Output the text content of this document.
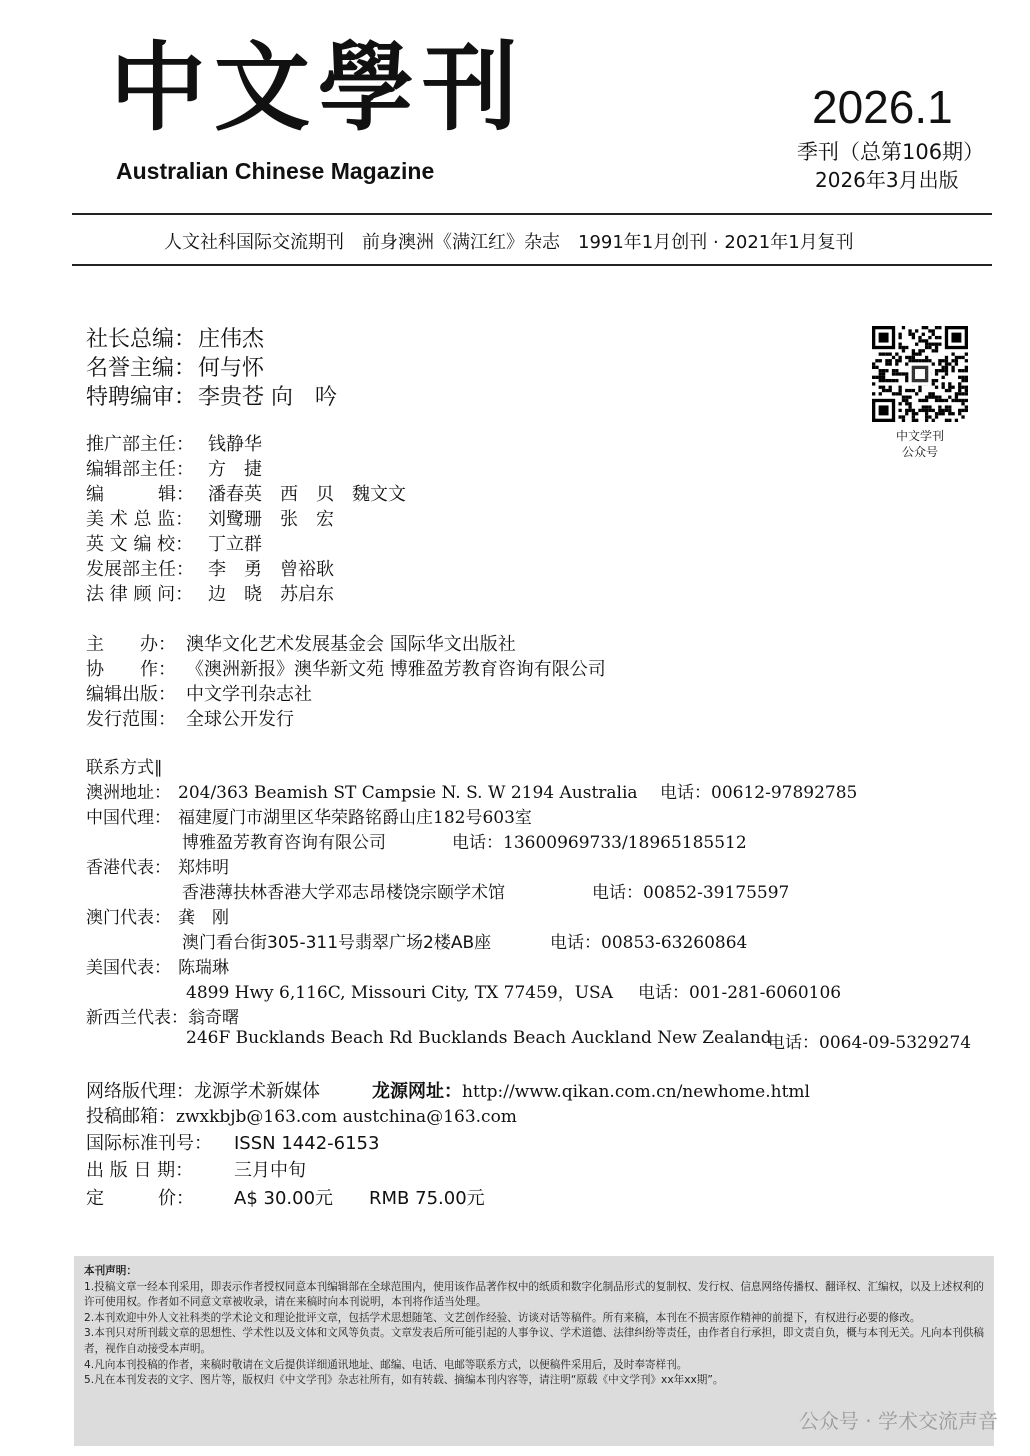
中文學刊
Australian Chinese Magazine
2026.1
季刊（总第106期）
2026年3月出版
人文社科国际交流期刊　前身澳洲《满江红》杂志　1991年1月创刊 · 2021年1月复刊
社长总编：庄伟杰
名誉主编：何与怀
特聘编审：李贵苍 向　吟
中文学刊
公众号
推广部主任： 钱静华
编辑部主任： 方　捷
编　　　辑： 潘春英　西　贝　魏文文
美 术 总 监： 刘鹭珊　张　宏
英 文 编 校： 丁立群
发展部主任： 李　勇　曾裕耿
法 律 顾 问： 边　晓　苏启东
主　　办： 澳华文化艺术发展基金会 国际华文出版社
协　　作： 《澳洲新报》澳华新文苑 博雅盈芳教育咨询有限公司
编辑出版： 中文学刊杂志社
发行范围： 全球公开发行
联系方式∥
澳洲地址： 204/363 Beamish ST Campsie N. S. W 2194 Australia 电话：00612-97892785
中国代理： 福建厦门市湖里区华荣路铭爵山庄182号603室
博雅盈芳教育咨询有限公司	电话：13600969733/18965185512
香港代表： 郑炜明
香港薄扶林香港大学邓志昂楼饶宗颐学术馆	电话：00852-39175597
澳门代表： 龚　刚
澳门看台街305-311号翡翠广场2楼AB座	电话：00853-63260864
美国代表： 陈瑞琳
4899 Hwy 6,116C, Missouri City, TX 77459，USA 电话：001-281-6060106
新西兰代表：翁奇曙
246F Bucklands Beach Rd Bucklands Beach Auckland New Zealand
电话：0064-09-5329274
网络版代理：龙源学术新媒体	龙源网址：http://www.qikan.com.cn/newhome.html
投稿邮箱：zwxkbjb@163.com austchina@163.com
国际标准刊号： ISSN 1442-6153
出 版 日 期： 三月中旬
定　　　价： A$ 30.00元　　RMB 75.00元
本刊声明：
1.投稿文章一经本刊采用，即表示作者授权同意本刊编辑部在全球范围内，使用该作品著作权中的纸质和数字化制品形式的复制权、发行权、信息网络传播权、翻译权、汇编权，以及上述权利的许可使用权。作者如不同意文章被收录，请在来稿时向本刊说明，本刊将作适当处理。
2.本刊欢迎中外人文社科类的学术论文和理论批评文章，包括学术思想随笔、文艺创作经验、访谈对话等稿件。所有来稿，本刊在不损害原作精神的前提下，有权进行必要的修改。
3.本刊只对所刊载文章的思想性、学术性以及文体和文风等负责。文章发表后所可能引起的人事争议、学术道德、法律纠纷等责任，由作者自行承担，即文责自负，概与本刊无关。凡向本刊供稿者，视作自动接受本声明。
4.凡向本刊投稿的作者，来稿时敬请在文后提供详细通讯地址、邮编、电话、电邮等联系方式，以便稿件采用后，及时奉寄样刊。
5.凡在本刊发表的文字、图片等，版权归《中文学刊》杂志社所有，如有转载、摘编本刊内容等，请注明“原载《中文学刊》xx年xx期”。
公众号 · 学术交流声音
